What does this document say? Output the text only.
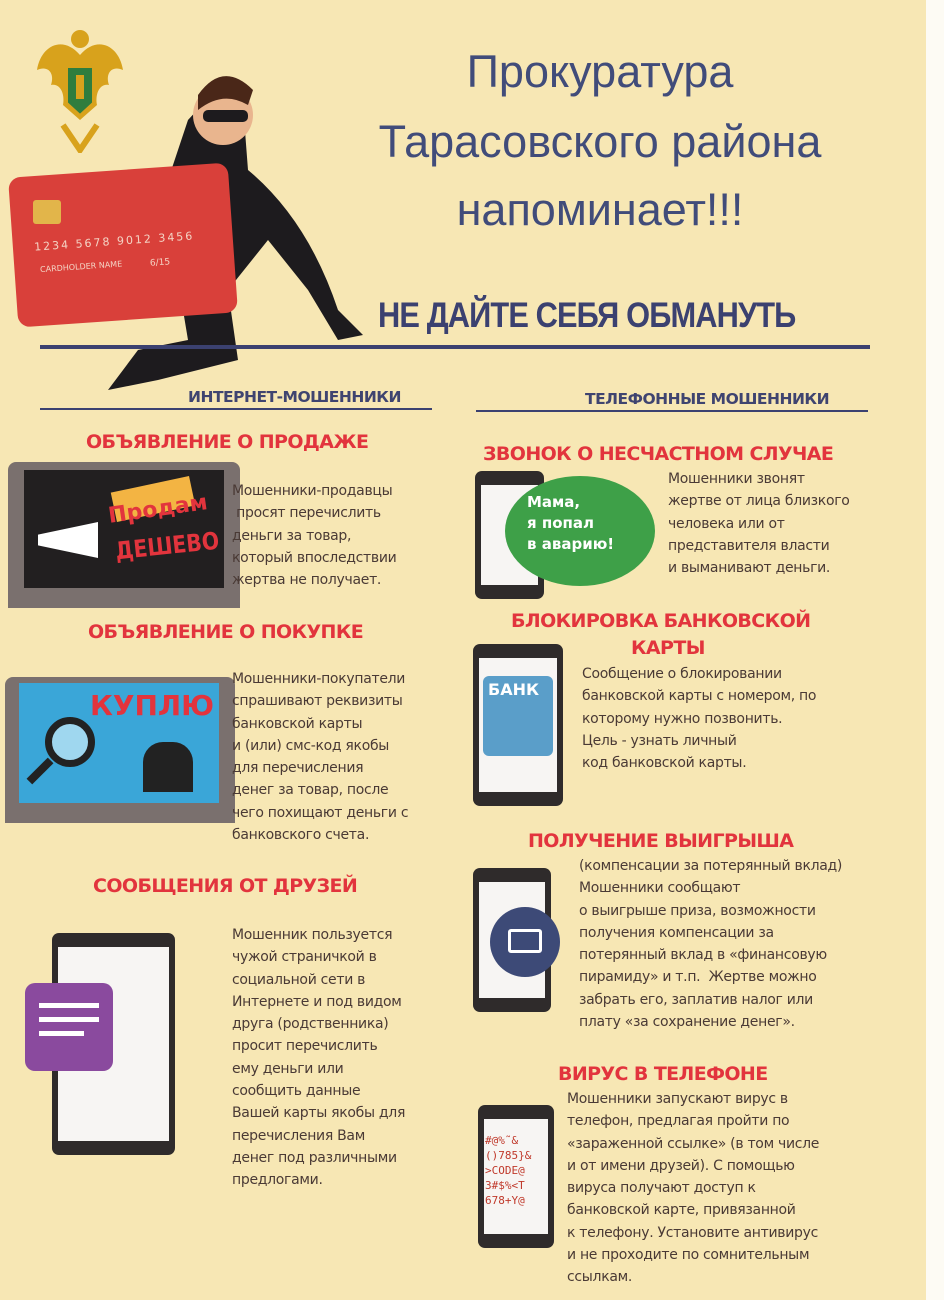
1234 5678 9012 3456
CARDHOLDER NAME	6/15
Прокуратура
Тарасовского района
напоминает!!!
НЕ ДАЙТЕ СЕБЯ ОБМАНУТЬ
ИНТЕРНЕТ-МОШЕННИКИ	ТЕЛЕФОННЫЕ МОШЕННИКИ
ОБЪЯВЛЕНИЕ О ПРОДАЖЕ
Продам
ДЕШЕВО
Мошенники-продавцы
просят перечислить
деньги за товар,
который впоследствии
жертва не получает.
ОБЪЯВЛЕНИЕ О ПОКУПКЕ
КУПЛЮ
Мошенники-покупатели
спрашивают реквизиты
банковской карты
и (или) смс-код якобы
для перечисления
денег за товар, после
чего похищают деньги с
банковского счета.
СООБЩЕНИЯ ОТ ДРУЗЕЙ
Мошенник пользуется
чужой страничкой в
социальной сети в
Интернете и под видом
друга (родственника)
просит перечислить
ему деньги или
сообщить данные
Вашей карты якобы для
перечисления Вам
денег под различными
предлогами.
ЗВОНОК О НЕСЧАСТНОМ СЛУЧАЕ
Мама,
я попал
в аварию!
Мошенники звонят
жертве от лица близкого
человека или от
представителя власти
и выманивают деньги.
БЛОКИРОВКА БАНКОВСКОЙ
КАРТЫ
БАНК
Сообщение о блокировании
банковской карты с номером, по
которому нужно позвонить.
Цель - узнать личный
код банковской карты.
ПОЛУЧЕНИЕ ВЫИГРЫША
(компенсации за потерянный вклад)
Мошенники сообщают
о выигрыше приза, возможности
получения компенсации за
потерянный вклад в «финансовую
пирамиду» и т.п.  Жертве можно
забрать его, заплатив налог или
плату «за сохранение денег».
ВИРУС В ТЕЛЕФОНЕ
#@%˜&
()785}&
>CODE@
3#$%<T
678+Y@
Мошенники запускают вирус в
телефон, предлагая пройти по
«зараженной ссылке» (в том числе
и от имени друзей). С помощью
вируса получают доступ к
банковской карте, привязанной
к телефону. Установите антивирус
и не проходите по сомнительным
ссылкам.
